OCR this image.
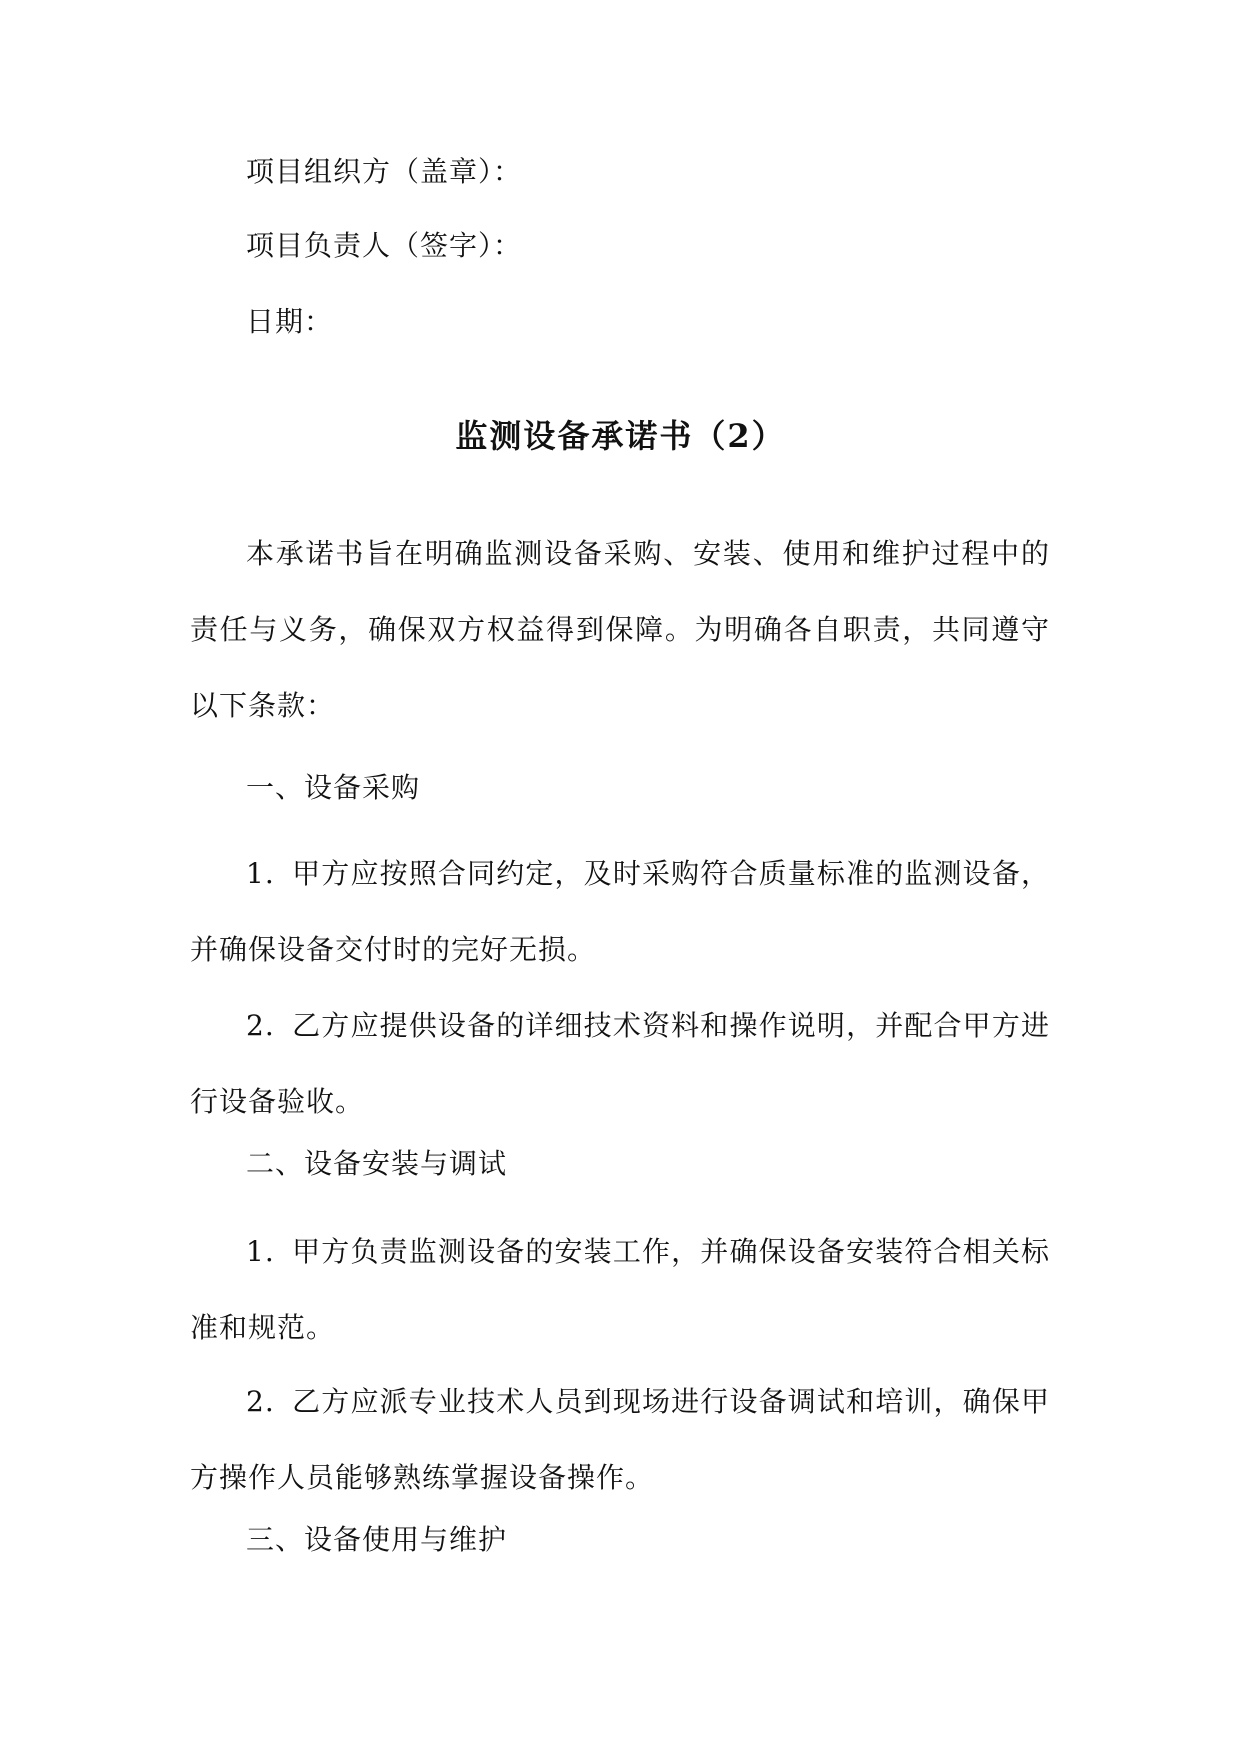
项目组织方（盖章）：
项目负责人（签字）：
日期：
监测设备承诺书（2）

本承诺书旨在明确监测设备采购、安装、使用和维护过程中的责任与义务，确保双方权益得到保障。为明确各自职责，共同遵守以下条款：

一、设备采购

1. 甲方应按照合同约定，及时采购符合质量标准的监测设备，并确保设备交付时的完好无损。

2. 乙方应提供设备的详细技术资料和操作说明，并配合甲方进行设备验收。

二、设备安装与调试

1. 甲方负责监测设备的安装工作，并确保设备安装符合相关标准和规范。

2. 乙方应派专业技术人员到现场进行设备调试和培训，确保甲方操作人员能够熟练掌握设备操作。

三、设备使用与维护
